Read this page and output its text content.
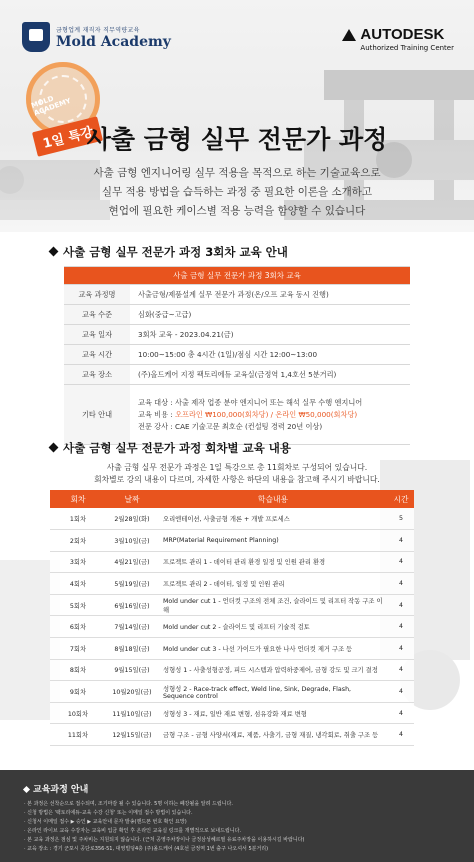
금형업계 재직자 직무역량교육
Mold Academy	AUTODESK
Authorized Training Center
MOLD ACADEMY
1일 특강
사출 금형 실무 전문가 과정
사출 금형 엔지니어링 실무 적용을 목적으로 하는 기술교육으로
실무 적용 방법을 습득하는 과정 중 필요한 이론을 소개하고
현업에 필요한 케이스별 적용 능력을 함양할 수 있습니다
사출 금형 실무 전문가 과정 3회차 교육 안내
사출 금형 실무 전문가 과정 3회차 교육	
교육 과정명	사출금형/제품설계 실무 전문가 과정(온/오프 교육 동시 진행)
교육 수준	심화(중급~고급)
교육 일자	3회차 교육 - 2023.04.21(금)
교육 시간	10:00~15:00 총 4시간 (1일)/점심 시간 12:00~13:00
교육 장소	(주)올드케어 지정 팩토리에듀 교육실(금정역 1,4호선 5분거리)
기타 안내	교육 대상 : 사출 제작 업종 분야 엔지니어 또는 해석 실무 수행 엔지니어
교육 비용 : 오프라인 ₩100,000(회차당) / 온라인 ₩50,000(회차당)
전문 강사 : CAE 기술고문 최호순 (컨설팅 경력 20년 이상)
사출 금형 실무 전문가 과정 회차별 교육 내용
사출 금형 실무 전문가 과정은 1일 특강으로 총 11회차로 구성되어 있습니다.
회차별로 강의 내용이 다르며, 자세한 사항은 하단의 내용을 참고해 주시기 바랍니다.
회차	날짜	학습내용	시간
1회차	2월28일(화)	오리엔테이션, 사출금형 개론 + 개발 프로세스	5
2회차	3월10일(금)	MRP(Material Requirement Planning)	4
3회차	4월21일(금)	프로젝트 관리 1 - 데이터 관리 환경 일정 및 인원 관리 환경	4
4회차	5월19일(금)	프로젝트 관리 2 - 데이터, 일정 및 인원 관리	4
5회차	6월16일(금)	Mold under cut 1 - 언더컷 구조의 전체 조건, 슬라이드 및 리프터 작동 구조 이해	4
6회차	7월14일(금)	Mold under cut 2 - 슬라이드 및 리프터 기술적 검토	4
7회차	8월18일(금)	Mold under cut 3 - 나선 가이드가 필요한 나사 언더컷 제거 구조 등	4
8회차	9월15일(금)	성형성 1 - 사출성형공정, 피드 시스템과 압력하중제어, 금형 강도 및 크기 결정	4
9회차	10월20일(금)	성형성 2 - Race-track effect, Weld line, Sink, Degrade, Flash, Sequence control	4
10회차	11월10일(금)	성형성 3 - 재료, 일반 재료 변형, 섬유강화 재료 변형	4
11회차	12월15일(금)	금형 구조 - 금형 사양서(재료, 제품, 사출기, 금형 재질, 냉각회로, 취출 구조 등	4
교육과정 안내
· 본 과정은 선착순으로 접수되며, 조기마감 될 수 있습니다. 5명 이하는 폐강될을 알려 드립니다.
· 신청 방법은 '팩토리에듀-교육 수강 신청' 또는 이메일 접수 방법이 있습니다.
· 신청서 이메일 접수 ▶ 승인 ▶ 교육안내 문자 발송(핸드폰 번호 확인 요망)
· 온라인 라이브 교육 수강자는 교육비 입금 확인 후 온라인 교육실 링크를 개별적으로 보내드립니다.
· 본 교육 과정은 점심 및 주차비는 지원되지 않습니다. (근처 공영주차장이나 금정삼성혜르필 유료주차장을 이용하시길 바랍니다)
· 교육 장소 : 경기 군포시 공단로356-51, 대영빌딩4층 (주)올드케어 (4호선 금정역 1번 출구 나오셔서 5분거리)
